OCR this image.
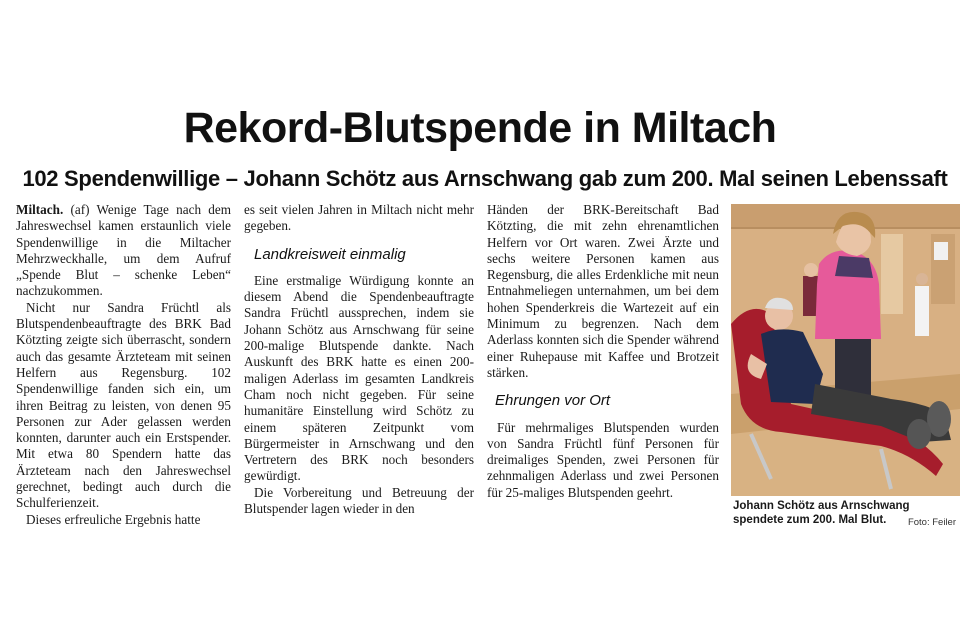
Rekord-Blutspende in Miltach
102 Spendenwillige – Johann Schötz aus Arnschwang gab zum 200. Mal seinen Lebenssaft

Miltach. (af) Wenige Tage nach dem Jahreswechsel kamen erstaunlich viele Spendenwillige in die Miltacher Mehrzweckhalle, um dem Aufruf „Spende Blut – schenke Leben“ nachzukommen.

Nicht nur Sandra Früchtl als Blutspendenbeauftragte des BRK Bad Kötzting zeigte sich überrascht, sondern auch das gesamte Ärzteteam mit seinen Helfern aus Regensburg. 102 Spendenwillige fanden sich ein, um ihren Beitrag zu leisten, von denen 95 Personen zur Ader gelassen werden konnten, darunter auch ein Erstspender. Mit etwa 80 Spendern hatte das Ärzteteam nach den Jahreswechsel gerechnet, bedingt auch durch die Schulferienzeit.

Dieses erfreuliche Ergebnis hatte

es seit vielen Jahren in Miltach nicht mehr gegeben.

Landkreisweit einmalig

Eine erstmalige Würdigung konnte an diesem Abend die Spendenbeauftragte Sandra Früchtl aussprechen, indem sie Johann Schötz aus Arnschwang für seine 200-malige Blutspende dankte. Nach Auskunft des BRK hatte es einen 200-maligen Aderlass im gesamten Landkreis Cham noch nicht gegeben. Für seine humanitäre Einstellung wird Schötz zu einem späteren Zeitpunkt vom Bürgermeister in Arnschwang und den Vertretern des BRK noch besonders gewürdigt.

Die Vorbereitung und Betreuung der Blutspender lagen wieder in den

Händen der BRK-Bereitschaft Bad Kötzting, die mit zehn ehrenamtlichen Helfern vor Ort waren. Zwei Ärzte und sechs weitere Personen kamen aus Regensburg, die alles Erdenkliche mit neun Entnahmeliegen unternahmen, um bei dem hohen Spenderkreis die Wartezeit auf ein Minimum zu begrenzen. Nach dem Aderlass konnten sich die Spender während einer Ruhepause mit Kaffee und Brotzeit stärken.

Ehrungen vor Ort

Für mehrmaliges Blutspenden wurden von Sandra Früchtl fünf Personen für dreimaliges Spenden, zwei Personen für zehnmaligen Aderlass und zwei Personen für 25-maliges Blutspenden geehrt.

Johann Schötz aus Arnschwang spendete zum 200. Mal Blut.	Foto: Feiler
